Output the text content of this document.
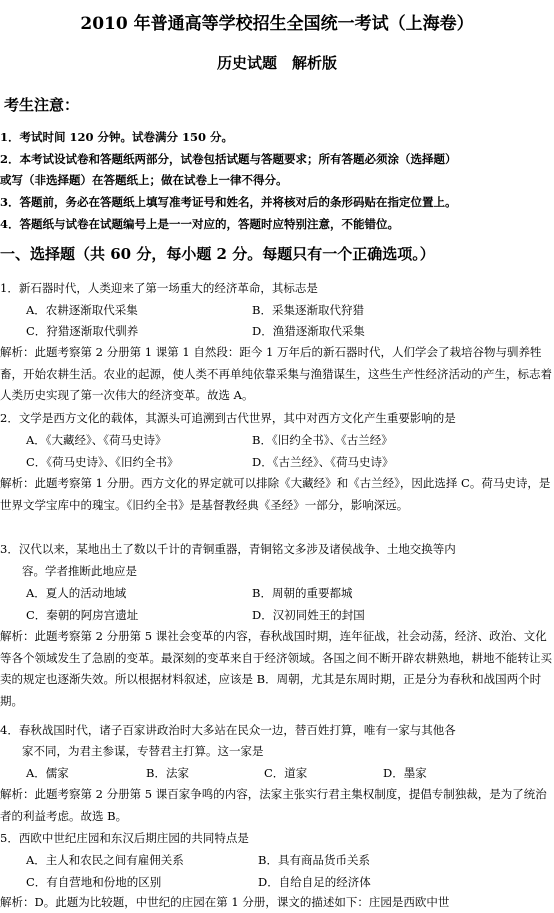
2010 年普通高等学校招生全国统一考试（上海卷）
历史试题　解析版
考生注意：
1．考试时间 120 分钟。试卷满分 150 分。
2．本考试设试卷和答题纸两部分，试卷包括试题与答题要求；所有答题必须涂（选择题）
或写（非选择题）在答题纸上；做在试卷上一律不得分。
3．答题前，务必在答题纸上填写准考证号和姓名，并将核对后的条形码贴在指定位置上。
4．答题纸与试卷在试题编号上是一一对应的，答题时应特别注意，不能错位。
一、选择题（共 60 分，每小题 2 分。每题只有一个正确选项。）
1．新石器时代，人类迎来了第一场重大的经济革命，其标志是
A．农耕逐渐取代采集	B．采集逐渐取代狩猎
C．狩猎逐渐取代驯养	D．渔猎逐渐取代采集
解析：此题考察第 2 分册第 1 课第 1 自然段：距今 1 万年后的新石器时代，人们学会了栽培谷物与驯养牲畜，开始农耕生活。农业的起源，使人类不再单纯依靠采集与渔猎谋生，这些生产性经济活动的产生，标志着人类历史实现了第一次伟大的经济变革。故选 A。
2．文学是西方文化的载体，其源头可追溯到古代世界，其中对西方文化产生重要影响的是
A．《大藏经》、《荷马史诗》	B．《旧约全书》、《古兰经》
C．《荷马史诗》、《旧约全书》	D．《古兰经》、《荷马史诗》
解析：此题考察第 1 分册。西方文化的界定就可以排除《大藏经》和《古兰经》，因此选择 C。荷马史诗，是世界文学宝库中的瑰宝。《旧约全书》是基督教经典《圣经》一部分，影响深远。
3．汉代以来，某地出土了数以千计的青铜重器，青铜铭文多涉及诸侯战争、土地交换等内
容。学者推断此地应是
A．夏人的活动地域	B．周朝的重要都城
C．秦朝的阿房宫遗址	D．汉初同姓王的封国
解析：此题考察第 2 分册第 5 课社会变革的内容，春秋战国时期，连年征战，社会动荡，经济、政治、文化等各个领域发生了急剧的变革。最深刻的变革来自于经济领域。各国之间不断开辟农耕熟地，耕地不能转让买卖的规定也逐渐失效。所以根据材料叙述，应该是 B．周朝，尤其是东周时期，正是分为春秋和战国两个时期。
4．春秋战国时代，诸子百家讲政治时大多站在民众一边，替百姓打算，唯有一家与其他各
家不同，为君主参谋，专替君主打算。这一家是
A．儒家	B．法家	C．道家	D．墨家
解析：此题考察第 2 分册第 5 课百家争鸣的内容，法家主张实行君主集权制度，提倡专制独裁，是为了统治者的利益考虑。故选 B。
5．西欧中世纪庄园和东汉后期庄园的共同特点是
A．主人和农民之间有雇佣关系	B．具有商品货币关系
C．有自营地和份地的区别	D．自给自足的经济体
解析：D。此题为比较题，中世纪的庄园在第 1 分册，课文的描述如下：庄园是西欧中世
